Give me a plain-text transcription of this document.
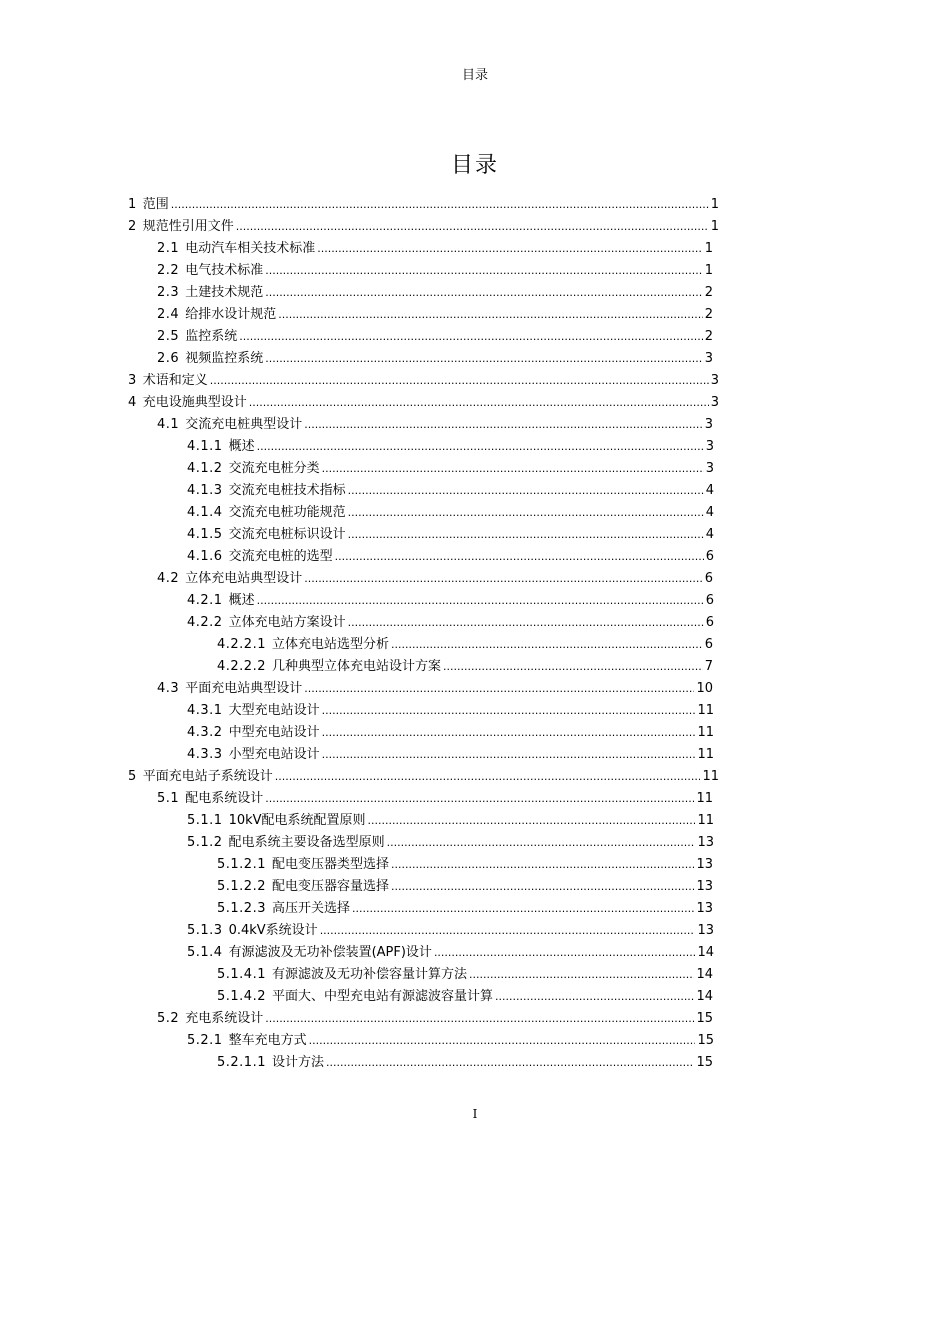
目录
目录
1 范围 .....	1
2 规范性引用文件 .....	1
2.1 电动汽车相关技术标准 .....	1
2.2 电气技术标准 .....	1
2.3 土建技术规范 .....	2
2.4 给排水设计规范 .....	2
2.5 监控系统 .....	2
2.6 视频监控系统 .....	3
3 术语和定义 .....	3
4 充电设施典型设计 .....	3
4.1 交流充电桩典型设计 .....	3
4.1.1 概述 .....	3
4.1.2 交流充电桩分类 .....	3
4.1.3 交流充电桩技术指标 .....	4
4.1.4 交流充电桩功能规范 .....	4
4.1.5 交流充电桩标识设计 .....	4
4.1.6 交流充电桩的选型 .....	6
4.2 立体充电站典型设计 .....	6
4.2.1 概述 .....	6
4.2.2 立体充电站方案设计 .....	6
4.2.2.1 立体充电站选型分析 .....	6
4.2.2.2 几种典型立体充电站设计方案 .....	7
4.3 平面充电站典型设计 .....	10
4.3.1 大型充电站设计 .....	11
4.3.2 中型充电站设计 .....	11
4.3.3 小型充电站设计 .....	11
5 平面充电站子系统设计 .....	11
5.1 配电系统设计 .....	11
5.1.1 10kV配电系统配置原则 .....	11
5.1.2 配电系统主要设备选型原则 .....	13
5.1.2.1 配电变压器类型选择 .....	13
5.1.2.2 配电变压器容量选择 .....	13
5.1.2.3 高压开关选择 .....	13
5.1.3 0.4kV系统设计 .....	13
5.1.4 有源滤波及无功补偿装置(APF)设计 .....	14
5.1.4.1 有源滤波及无功补偿容量计算方法 .....	14
5.1.4.2 平面大、中型充电站有源滤波容量计算 .....	14
5.2 充电系统设计 .....	15
5.2.1 整车充电方式 .....	15
5.2.1.1 设计方法 .....	15
I
